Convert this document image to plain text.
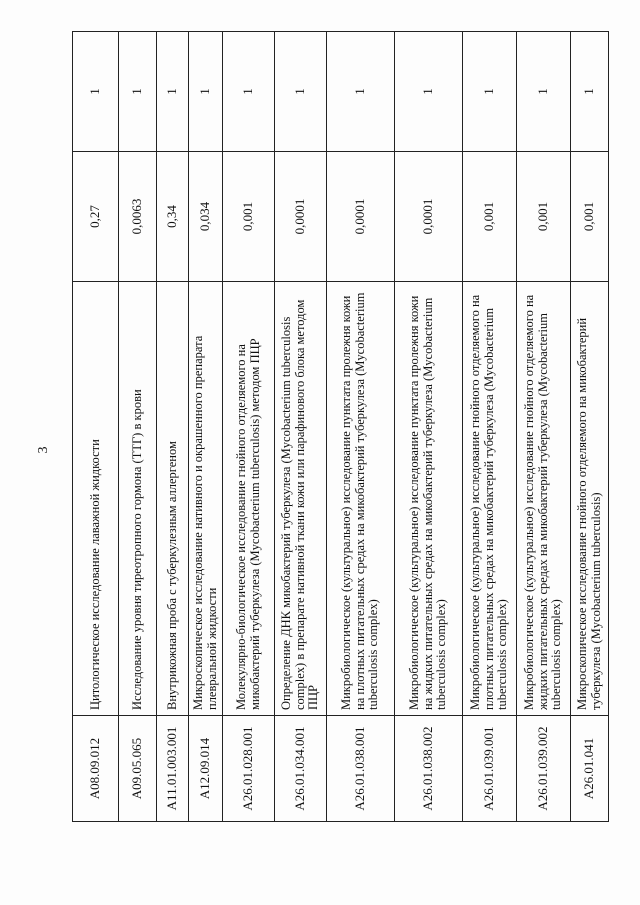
3
A08.09.012	Цитологическое исследование лаважной жидкости	0,27	1
A09.05.065	Исследование уровня тиреотропного гормона (ТТГ) в крови	0,0063	1
A11.01.003.001	Внутрикожная проба с туберкулезным аллергеном	0,34	1
A12.09.014	Микроскопическое исследование нативного и окрашенного препарата плевральной жидкости	0,034	1
A26.01.028.001	Молекулярно-биологическое исследование гнойного отделяемого на микобактерий туберкулеза (Mycobacterium tuberculosis) методом ПЦР	0,001	1
A26.01.034.001	Определение ДНК микобактерий туберкулеза (Mycobacterium tuberculosis complex) в препарате нативной ткани кожи или парафинового блока методом ПЦР	0,0001	1
A26.01.038.001	Микробиологическое (культуральное) исследование пунктата пролежня кожи на плотных питательных средах на микобактерий туберкулеза (Mycobacterium tuberculosis complex)	0,0001	1
A26.01.038.002	Микробиологическое (культуральное) исследование пунктата пролежня кожи на жидких питательных средах на микобактерий туберкулеза (Mycobacterium tuberculosis complex)	0,0001	1
A26.01.039.001	Микробиологическое (культуральное) исследование гнойного отделяемого на плотных питательных средах на микобактерий туберкулеза (Mycobacterium tuberculosis complex)	0,001	1
A26.01.039.002	Микробиологическое (культуральное) исследование гнойного отделяемого на жидких питательных средах на микобактерий туберкулеза (Mycobacterium tuberculosis complex)	0,001	1
A26.01.041	Микроскопическое исследование гнойного отделяемого на микобактерий туберкулеза (Mycobacterium tuberculosis)	0,001	1
